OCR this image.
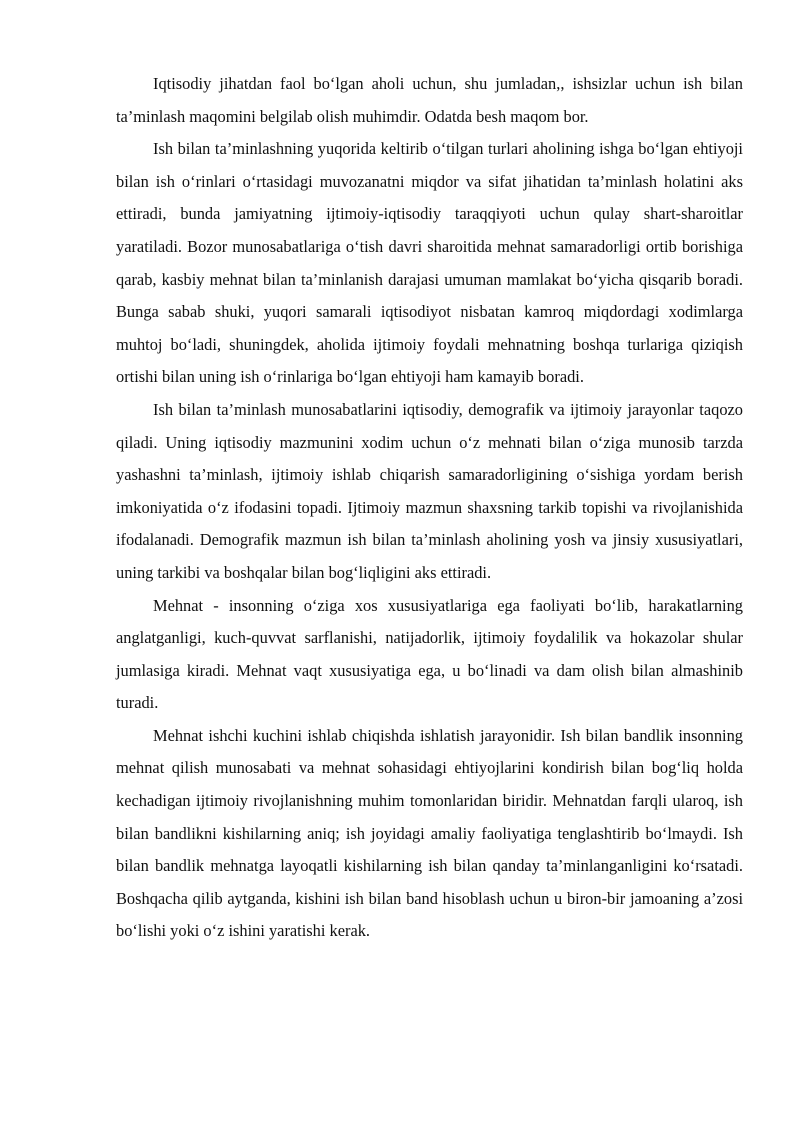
Iqtisodiy jihatdan faol bo‘lgan aholi uchun, shu jumladan,, ishsizlar uchun ish bilan ta’minlash maqomini belgilab olish muhimdir. Odatda besh maqom bor.

Ish bilan ta’minlashning yuqorida keltirib o‘tilgan turlari aholining ishga bo‘lgan ehtiyoji bilan ish o‘rinlari o‘rtasidagi muvozanatni miqdor va sifat jihatidan ta’minlash holatini aks ettiradi, bunda jamiyatning ijtimoiy-iqtisodiy taraqqiyoti uchun qulay shart-sharoitlar yaratiladi. Bozor munosabatlariga o‘tish davri sharoitida mehnat samaradorligi ortib borishiga qarab, kasbiy mehnat bilan ta’minlanish darajasi umuman mamlakat bo‘yicha qisqarib boradi. Bunga sabab shuki, yuqori samarali iqtisodiyot nisbatan kamroq miqdordagi xodimlarga muhtoj bo‘ladi, shuningdek, aholida ijtimoiy foydali mehnatning boshqa turlariga qiziqish ortishi bilan uning ish o‘rinlariga bo‘lgan ehtiyoji ham kamayib boradi.

Ish bilan ta’minlash munosabatlarini iqtisodiy, demografik va ijtimoiy jarayonlar taqozo qiladi. Uning iqtisodiy mazmunini xodim uchun o‘z mehnati bilan o‘ziga munosib tarzda yashashni ta’minlash, ijtimoiy ishlab chiqarish samaradorligining o‘sishiga yordam berish imkoniyatida o‘z ifodasini topadi. Ijtimoiy mazmun shaxsning tarkib topishi va rivojlanishida ifodalanadi. Demografik mazmun ish bilan ta’minlash aholining yosh va jinsiy xususiyatlari, uning tarkibi va boshqalar bilan bog‘liqligini aks ettiradi.

Mehnat - insonning o‘ziga xos xususiyatlariga ega faoliyati bo‘lib, harakatlarning anglatganligi, kuch-quvvat sarflanishi, natijadorlik, ijtimoiy foydalilik va hokazolar shular jumlasiga kiradi. Mehnat vaqt xususiyatiga ega, u bo‘linadi va dam olish bilan almashinib turadi.

Mehnat ishchi kuchini ishlab chiqishda ishlatish jarayonidir. Ish bilan bandlik insonning mehnat qilish munosabati va mehnat sohasidagi ehtiyojlarini kondirish bilan bog‘liq holda kechadigan ijtimoiy rivojlanishning muhim tomonlaridan biridir. Mehnatdan farqli ularoq, ish bilan bandlikni kishilarning aniq; ish joyidagi amaliy faoliyatiga tenglashtirib bo‘lmaydi. Ish bilan bandlik mehnatga layoqatli kishilarning ish bilan qanday ta’minlanganligini ko‘rsatadi. Boshqacha qilib aytganda, kishini ish bilan band hisoblash uchun u biron-bir jamoaning a’zosi bo‘lishi yoki o‘z ishini yaratishi kerak.
